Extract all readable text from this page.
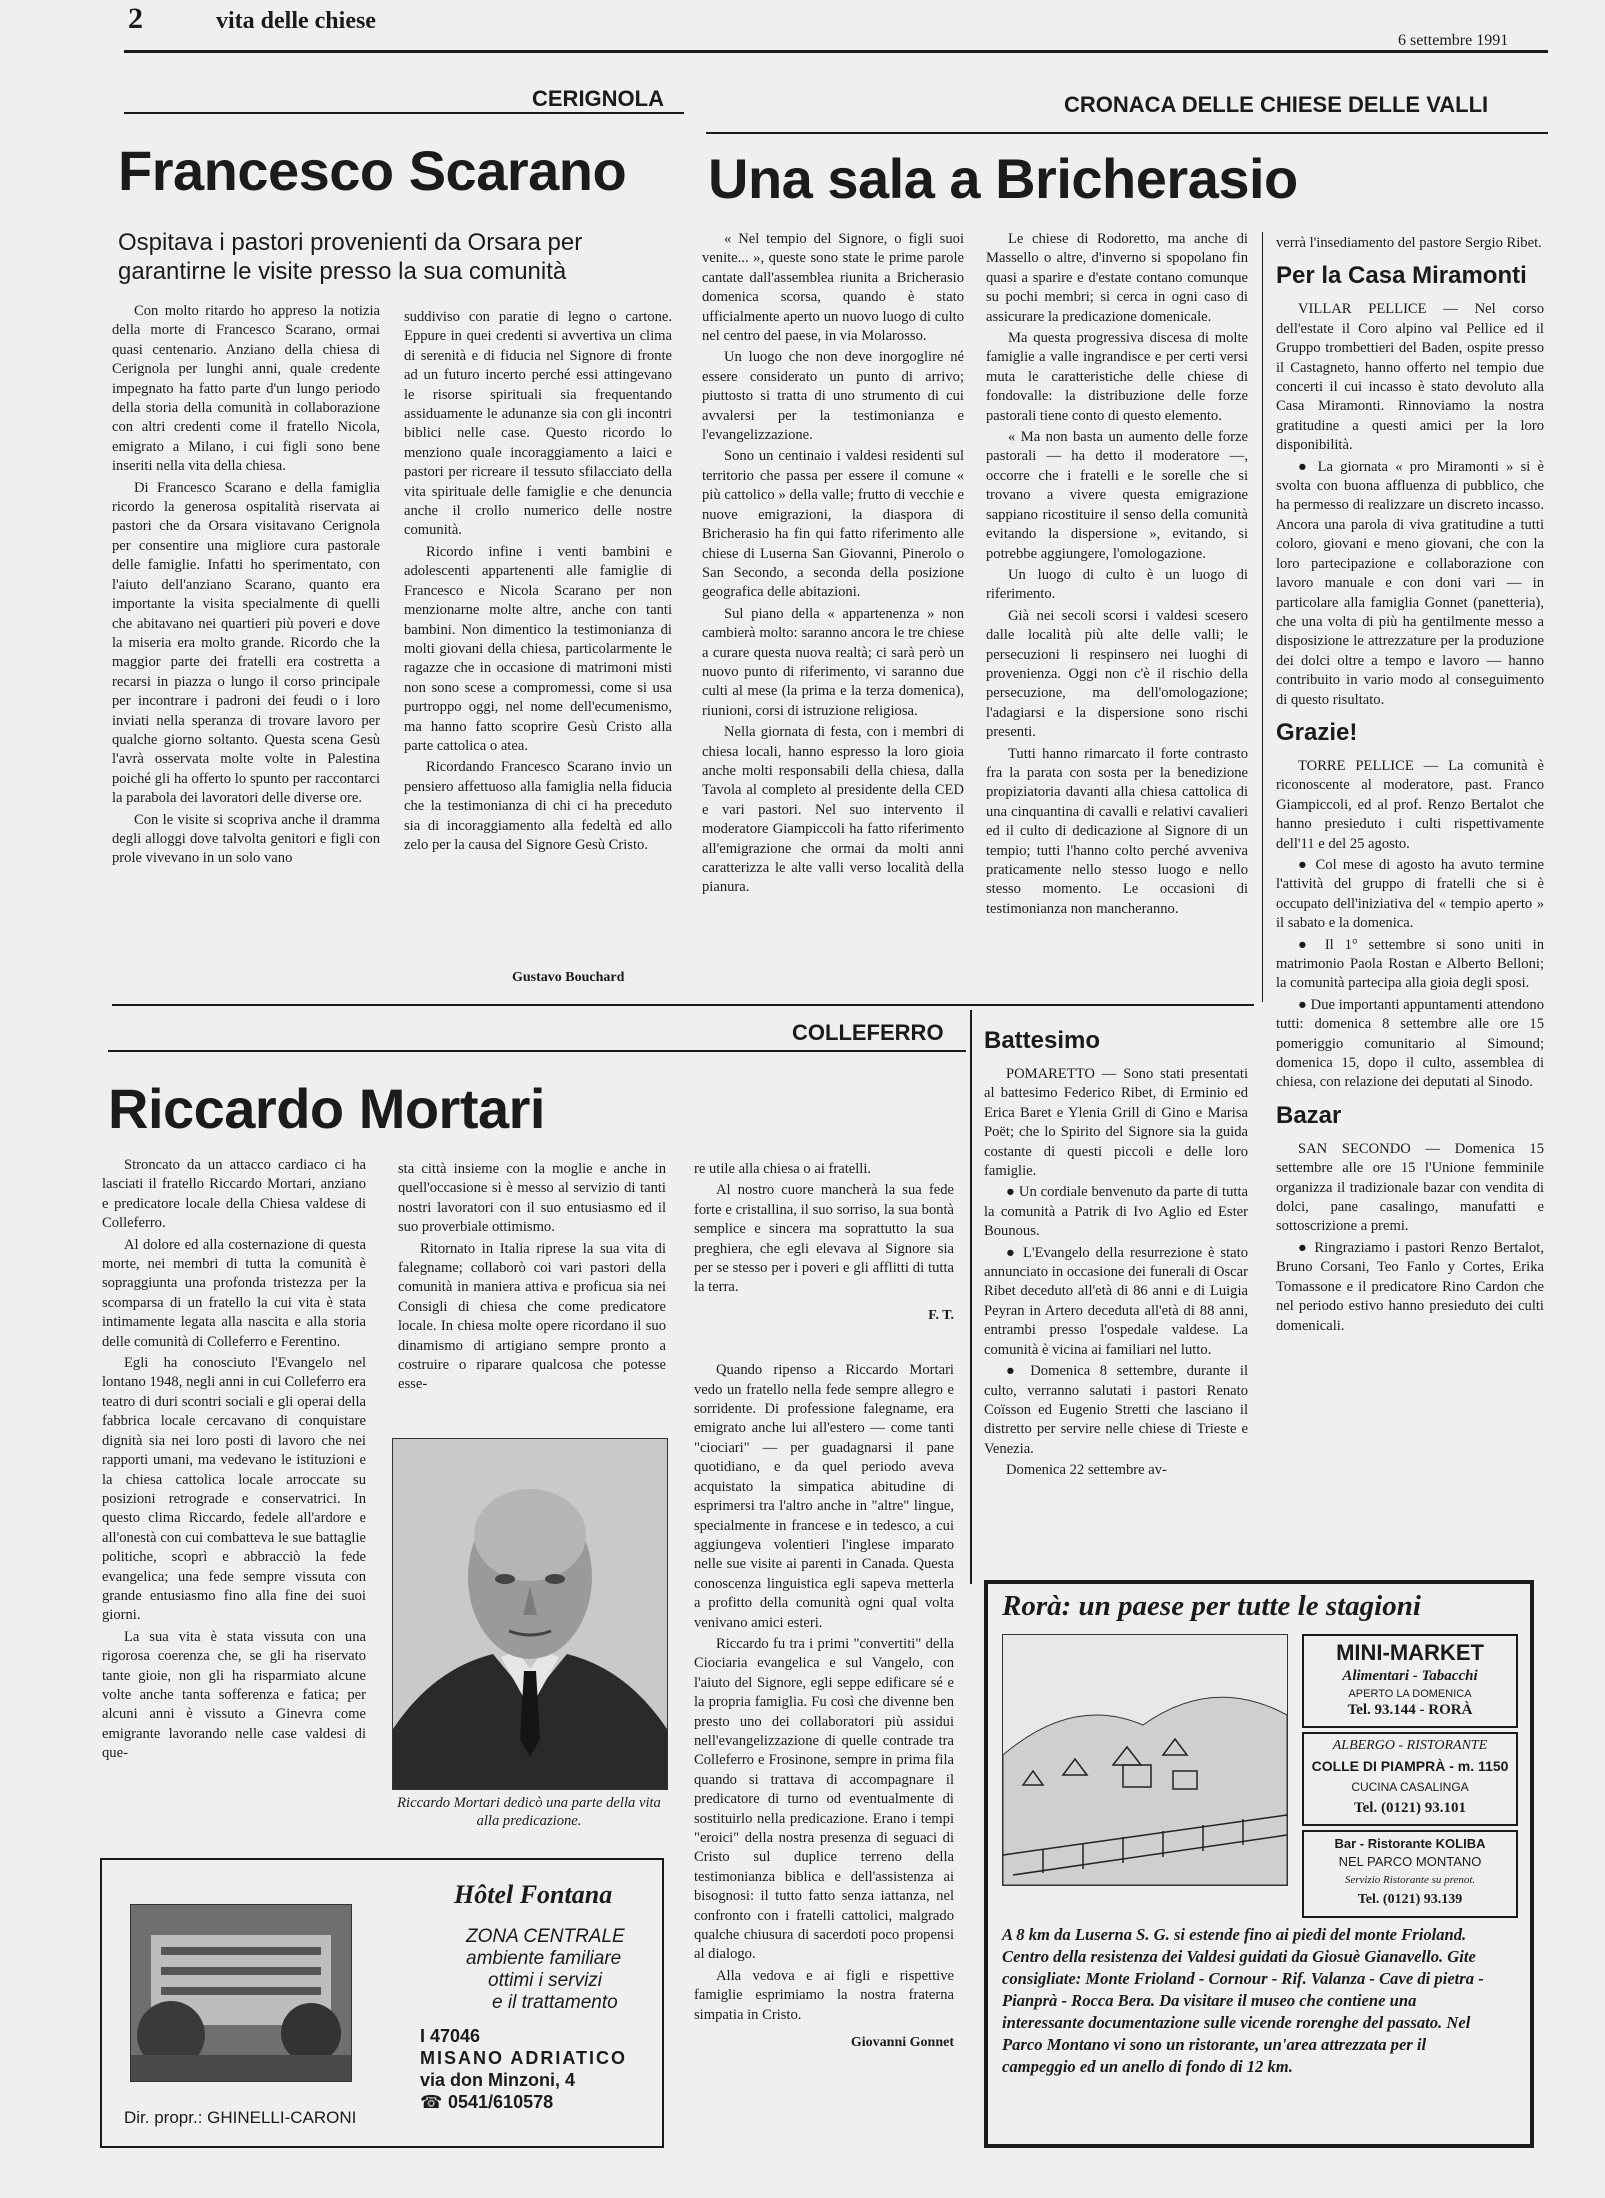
2	vita delle chiese
6 settembre 1991
CERIGNOLA	CRONACA DELLE CHIESE DELLE VALLI
Francesco Scarano Una sala a Bricherasio
Ospitava i pastori provenienti da Orsara per garantirne le visite presso la sua comunità

Con molto ritardo ho appreso la notizia della morte di Francesco Scarano, ormai quasi centenario. Anziano della chiesa di Cerignola per lunghi anni, quale credente impegnato ha fatto parte d'un lungo periodo della storia della comunità in collaborazione con altri credenti come il fratello Nicola, emigrato a Milano, i cui figli sono bene inseriti nella vita della chiesa.

Di Francesco Scarano e della famiglia ricordo la generosa ospitalità riservata ai pastori che da Orsara visitavano Cerignola per consentire una migliore cura pastorale delle famiglie. Infatti ho sperimentato, con l'aiuto dell'anziano Scarano, quanto era importante la visita specialmente di quelli che abitavano nei quartieri più poveri e dove la miseria era molto grande. Ricordo che la maggior parte dei fratelli era costretta a recarsi in piazza o lungo il corso principale per incontrare i padroni dei feudi o i loro inviati nella speranza di trovare lavoro per qualche giorno soltanto. Questa scena Gesù l'avrà osservata molte volte in Palestina poiché gli ha offerto lo spunto per raccontarci la parabola dei lavoratori delle diverse ore.

Con le visite si scopriva anche il dramma degli alloggi dove talvolta genitori e figli con prole vivevano in un solo vano

suddiviso con paratie di legno o cartone. Eppure in quei credenti si avvertiva un clima di serenità e di fiducia nel Signore di fronte ad un futuro incerto perché essi attingevano le risorse spirituali sia frequentando assiduamente le adunanze sia con gli incontri biblici nelle case. Questo ricordo lo menziono quale incoraggiamento a laici e pastori per ricreare il tessuto sfilacciato della vita spirituale delle famiglie e che denuncia anche il crollo numerico delle nostre comunità.

Ricordo infine i venti bambini e adolescenti appartenenti alle famiglie di Francesco e Nicola Scarano per non menzionarne molte altre, anche con tanti bambini. Non dimentico la testimonianza di molti giovani della chiesa, particolarmente le ragazze che in occasione di matrimoni misti non sono scese a compromessi, come si usa purtroppo oggi, nel nome dell'ecumenismo, ma hanno fatto scoprire Gesù Cristo alla parte cattolica o atea.

Ricordando Francesco Scarano invio un pensiero affettuoso alla famiglia nella fiducia che la testimonianza di chi ci ha preceduto sia di incoraggiamento alla fedeltà ed allo zelo per la causa del Signore Gesù Cristo.

Gustavo Bouchard

« Nel tempio del Signore, o figli suoi venite... », queste sono state le prime parole cantate dall'assemblea riunita a Bricherasio domenica scorsa, quando è stato ufficialmente aperto un nuovo luogo di culto nel centro del paese, in via Molarosso.

Un luogo che non deve inorgoglire né essere considerato un punto di arrivo; piuttosto si tratta di uno strumento di cui avvalersi per la testimonianza e l'evangelizzazione.

Sono un centinaio i valdesi residenti sul territorio che passa per essere il comune « più cattolico » della valle; frutto di vecchie e nuove emigrazioni, la diaspora di Bricherasio ha fin qui fatto riferimento alle chiese di Luserna San Giovanni, Pinerolo o San Secondo, a seconda della posizione geografica delle abitazioni.

Sul piano della « appartenenza » non cambierà molto: saranno ancora le tre chiese a curare questa nuova realtà; ci sarà però un nuovo punto di riferimento, vi saranno due culti al mese (la prima e la terza domenica), riunioni, corsi di istruzione religiosa.

Nella giornata di festa, con i membri di chiesa locali, hanno espresso la loro gioia anche molti responsabili della chiesa, dalla Tavola al completo al presidente della CED e vari pastori. Nel suo intervento il moderatore Giampiccoli ha fatto riferimento all'emigrazione che ormai da molti anni caratterizza le alte valli verso località della pianura.

Le chiese di Rodoretto, ma anche di Massello o altre, d'inverno si spopolano fin quasi a sparire e d'estate contano comunque su pochi membri; si cerca in ogni caso di assicurare la predicazione domenicale.

Ma questa progressiva discesa di molte famiglie a valle ingrandisce e per certi versi muta le caratteristiche delle chiese di fondovalle: la distribuzione delle forze pastorali tiene conto di questo elemento.

« Ma non basta un aumento delle forze pastorali — ha detto il moderatore —, occorre che i fratelli e le sorelle che si trovano a vivere questa emigrazione sappiano ricostituire il senso della comunità evitando la dispersione », evitando, si potrebbe aggiungere, l'omologazione.

Un luogo di culto è un luogo di riferimento.

Già nei secoli scorsi i valdesi scesero dalle località più alte delle valli; le persecuzioni li respinsero nei luoghi di provenienza. Oggi non c'è il rischio della persecuzione, ma dell'omologazione; l'adagiarsi e la dispersione sono rischi presenti.

Tutti hanno rimarcato il forte contrasto fra la parata con sosta per la benedizione propiziatoria davanti alla chiesa cattolica di una cinquantina di cavalli e relativi cavalieri ed il culto di dedicazione al Signore di un tempio; tutti l'hanno colto perché avveniva praticamente nello stesso luogo e nello stesso momento. Le occasioni di testimonianza non mancheranno.

verrà l'insediamento del pastore Sergio Ribet.

Per la Casa Miramonti

VILLAR PELLICE — Nel corso dell'estate il Coro alpino val Pellice ed il Gruppo trombettieri del Baden, ospite presso il Castagneto, hanno offerto nel tempio due concerti il cui incasso è stato devoluto alla Casa Miramonti. Rinnoviamo la nostra gratitudine a questi amici per la loro disponibilità.

● La giornata « pro Miramonti » si è svolta con buona affluenza di pubblico, che ha permesso di realizzare un discreto incasso. Ancora una parola di viva gratitudine a tutti coloro, giovani e meno giovani, che con la loro partecipazione e collaborazione con lavoro manuale e con doni vari — in particolare alla famiglia Gonnet (panetteria), che una volta di più ha gentilmente messo a disposizione le attrezzature per la produzione dei dolci oltre a tempo e lavoro — hanno contribuito in vario modo al conseguimento di questo risultato.

Grazie!

TORRE PELLICE — La comunità è riconoscente al moderatore, past. Franco Giampiccoli, ed al prof. Renzo Bertalot che hanno presieduto i culti rispettivamente dell'11 e del 25 agosto.

● Col mese di agosto ha avuto termine l'attività del gruppo di fratelli che si è occupato dell'iniziativa del « tempio aperto » il sabato e la domenica.

● Il 1° settembre si sono uniti in matrimonio Paola Rostan e Alberto Belloni; la comunità partecipa alla gioia degli sposi.

● Due importanti appuntamenti attendono tutti: domenica 8 settembre alle ore 15 pomeriggio comunitario al Simound; domenica 15, dopo il culto, assemblea di chiesa, con relazione dei deputati al Sinodo.

Bazar

SAN SECONDO — Domenica 15 settembre alle ore 15 l'Unione femminile organizza il tradizionale bazar con vendita di dolci, pane casalingo, manufatti e sottoscrizione a premi.

● Ringraziamo i pastori Renzo Bertalot, Bruno Corsani, Teo Fanlo y Cortes, Erika Tomassone e il predicatore Rino Cardon che nel periodo estivo hanno presieduto dei culti domenicali.

Battesimo

POMARETTO — Sono stati presentati al battesimo Federico Ribet, di Erminio ed Erica Baret e Ylenia Grill di Gino e Marisa Poët; che lo Spirito del Signore sia la guida costante di questi piccoli e delle loro famiglie.

● Un cordiale benvenuto da parte di tutta la comunità a Patrik di Ivo Aglio ed Ester Bounous.

● L'Evangelo della resurrezione è stato annunciato in occasione dei funerali di Oscar Ribet deceduto all'età di 86 anni e di Luigia Peyran in Artero deceduta all'età di 88 anni, entrambi presso l'ospedale valdese. La comunità è vicina ai familiari nel lutto.

● Domenica 8 settembre, durante il culto, verranno salutati i pastori Renato Coïsson ed Eugenio Stretti che lasciano il distretto per servire nelle chiese di Trieste e Venezia.

Domenica 22 settembre av-

COLLEFERRO
Riccardo Mortari

Stroncato da un attacco cardiaco ci ha lasciati il fratello Riccardo Mortari, anziano e predicatore locale della Chiesa valdese di Colleferro.

Al dolore ed alla costernazione di questa morte, nei membri di tutta la comunità è sopraggiunta una profonda tristezza per la scomparsa di un fratello la cui vita è stata intimamente legata alla nascita e alla storia delle comunità di Colleferro e Ferentino.

Egli ha conosciuto l'Evangelo nel lontano 1948, negli anni in cui Colleferro era teatro di duri scontri sociali e gli operai della fabbrica locale cercavano di conquistare dignità sia nei loro posti di lavoro che nei rapporti umani, ma vedevano le istituzioni e la chiesa cattolica locale arroccate su posizioni retrograde e conservatrici. In questo clima Riccardo, fedele all'ardore e all'onestà con cui combatteva le sue battaglie politiche, scoprì e abbracciò la fede evangelica; una fede sempre vissuta con grande entusiasmo fino alla fine dei suoi giorni.

La sua vita è stata vissuta con una rigorosa coerenza che, se gli ha riservato tante gioie, non gli ha risparmiato alcune volte anche tanta sofferenza e fatica; per alcuni anni è vissuto a Ginevra come emigrante lavorando nelle case valdesi di que-

sta città insieme con la moglie e anche in quell'occasione si è messo al servizio di tanti nostri lavoratori con il suo entusiasmo ed il suo proverbiale ottimismo.

Ritornato in Italia riprese la sua vita di falegname; collaborò coi vari pastori della comunità in maniera attiva e proficua sia nei Consigli di chiesa che come predicatore locale. In chiesa molte opere ricordano il suo dinamismo di artigiano sempre pronto a costruire o riparare qualcosa che potesse esse-

Riccardo Mortari dedicò una parte della vita alla predicazione.

re utile alla chiesa o ai fratelli.

Al nostro cuore mancherà la sua fede forte e cristallina, il suo sorriso, la sua bontà semplice e sincera ma soprattutto la sua preghiera, che egli elevava al Signore sia per se stesso per i poveri e gli afflitti di tutta la terra.

F. T.

Quando ripenso a Riccardo Mortari vedo un fratello nella fede sempre allegro e sorridente. Di professione falegname, era emigrato anche lui all'estero — come tanti "ciociari" — per guadagnarsi il pane quotidiano, e da quel periodo aveva acquistato la simpatica abitudine di esprimersi tra l'altro anche in "altre" lingue, specialmente in francese e in tedesco, a cui aggiungeva volentieri l'inglese imparato nelle sue visite ai parenti in Canada. Questa conoscenza linguistica egli sapeva metterla a profitto della comunità ogni qual volta venivano amici esteri.

Riccardo fu tra i primi "convertiti" della Ciociaria evangelica e sul Vangelo, con l'aiuto del Signore, egli seppe edificare sé e la propria famiglia. Fu così che divenne ben presto uno dei collaboratori più assidui nell'evangelizzazione di quelle contrade tra Colleferro e Frosinone, sempre in prima fila quando si trattava di accompagnare il predicatore di turno od eventualmente di sostituirlo nella predicazione. Erano i tempi "eroici" della nostra presenza di seguaci di Cristo sul duplice terreno della testimonianza biblica e dell'assistenza ai bisognosi: il tutto fatto senza iattanza, nel confronto con i fratelli cattolici, malgrado qualche chiusura di sacerdoti poco propensi al dialogo.

Alla vedova e ai figli e rispettive famiglie esprimiamo la nostra fraterna simpatia in Cristo.

Giovanni Gonnet
Hôtel Fontana
ZONA CENTRALE
ambiente familiare
ottimi i servizi
e il trattamento
I 47046
MISANO ADRIATICO
via don Minzoni, 4
☎ 0541/610578
Dir. propr.: GHINELLI-CARONI
Rorà: un paese per tutte le stagioni
MINI-MARKET
Alimentari - Tabacchi
APERTO LA DOMENICA
Tel. 93.144 - RORÀ
ALBERGO - RISTORANTE
COLLE DI PIAMPRÀ - m. 1150
CUCINA CASALINGA
Tel. (0121) 93.101
Bar - Ristorante KOLIBA
NEL PARCO MONTANO
Servizio Ristorante su prenot.
Tel. (0121) 93.139
A 8 km da Luserna S. G. si estende fino ai piedi del monte Frioland. Centro della resistenza dei Valdesi guidati da Giosuè Gianavello. Gite consigliate: Monte Frioland - Cornour - Rif. Valanza - Cave di pietra - Pianprà - Rocca Bera. Da visitare il museo che contiene una interessante documentazione sulle vicende rorenghe del passato. Nel Parco Montano vi sono un ristorante, un'area attrezzata per il campeggio ed un anello di fondo di 12 km.
